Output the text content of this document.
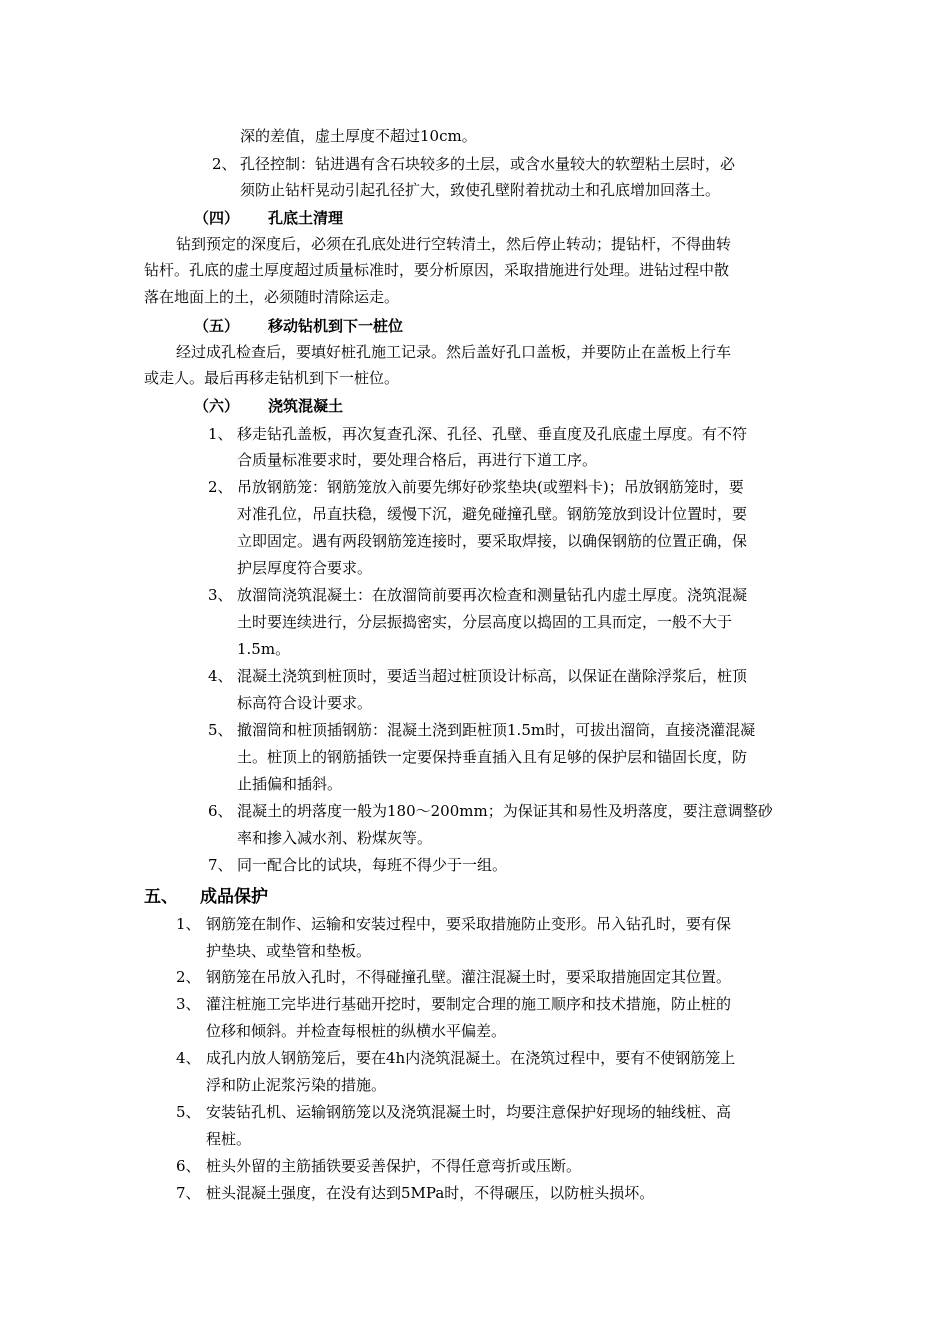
深的差值，虚土厚度不超过10cm。
2、 孔径控制：钻进遇有含石块较多的土层，或含水量较大的软塑粘土层时，必
须防止钻杆晃动引起孔径扩大，致使孔壁附着扰动土和孔底增加回落土。
（四） 孔底土清理
钻到预定的深度后，必须在孔底处进行空转清土，然后停止转动；提钻杆，不得曲转
钻杆。孔底的虚土厚度超过质量标准时，要分析原因，采取措施进行处理。进钻过程中散
落在地面上的土，必须随时清除运走。
（五） 移动钻机到下一桩位
经过成孔检查后，要填好桩孔施工记录。然后盖好孔口盖板，并要防止在盖板上行车
或走人。最后再移走钻机到下一桩位。
（六） 浇筑混凝土
1、 移走钻孔盖板，再次复查孔深、孔径、孔壁、垂直度及孔底虚土厚度。有不符
合质量标准要求时，要处理合格后，再进行下道工序。
2、 吊放钢筋笼：钢筋笼放入前要先绑好砂浆垫块(或塑料卡)；吊放钢筋笼时，要
对准孔位，吊直扶稳，缓慢下沉，避免碰撞孔壁。钢筋笼放到设计位置时，要
立即固定。遇有两段钢筋笼连接时，要采取焊接，以确保钢筋的位置正确，保
护层厚度符合要求。
3、 放溜筒浇筑混凝土：在放溜筒前要再次检查和测量钻孔内虚土厚度。浇筑混凝
土时要连续进行，分层振捣密实，分层高度以捣固的工具而定，一般不大于
1.5m。
4、 混凝土浇筑到桩顶时，要适当超过桩顶设计标高，以保证在凿除浮浆后，桩顶
标高符合设计要求。
5、 撤溜筒和桩顶插钢筋：混凝土浇到距桩顶1.5m时，可拔出溜筒，直接浇灌混凝
土。桩顶上的钢筋插铁一定要保持垂直插入且有足够的保护层和锚固长度，防
止插偏和插斜。
6、 混凝土的坍落度一般为180～200mm；为保证其和易性及坍落度，要注意调整砂
率和掺入减水剂、粉煤灰等。
7、 同一配合比的试块，每班不得少于一组。
五、 成品保护
1、 钢筋笼在制作、运输和安装过程中，要采取措施防止变形。吊入钻孔时，要有保
护垫块、或垫管和垫板。
2、 钢筋笼在吊放入孔时，不得碰撞孔壁。灌注混凝土时，要采取措施固定其位置。
3、 灌注桩施工完毕进行基础开挖时，要制定合理的施工顺序和技术措施，防止桩的
位移和倾斜。并检查每根桩的纵横水平偏差。
4、 成孔内放人钢筋笼后，要在4h内浇筑混凝土。在浇筑过程中，要有不使钢筋笼上
浮和防止泥浆污染的措施。
5、 安装钻孔机、运输钢筋笼以及浇筑混凝土时，均要注意保护好现场的轴线桩、高
程桩。
6、 桩头外留的主筋插铁要妥善保护，不得任意弯折或压断。
7、 桩头混凝土强度，在没有达到5MPa时，不得碾压，以防桩头损坏。
